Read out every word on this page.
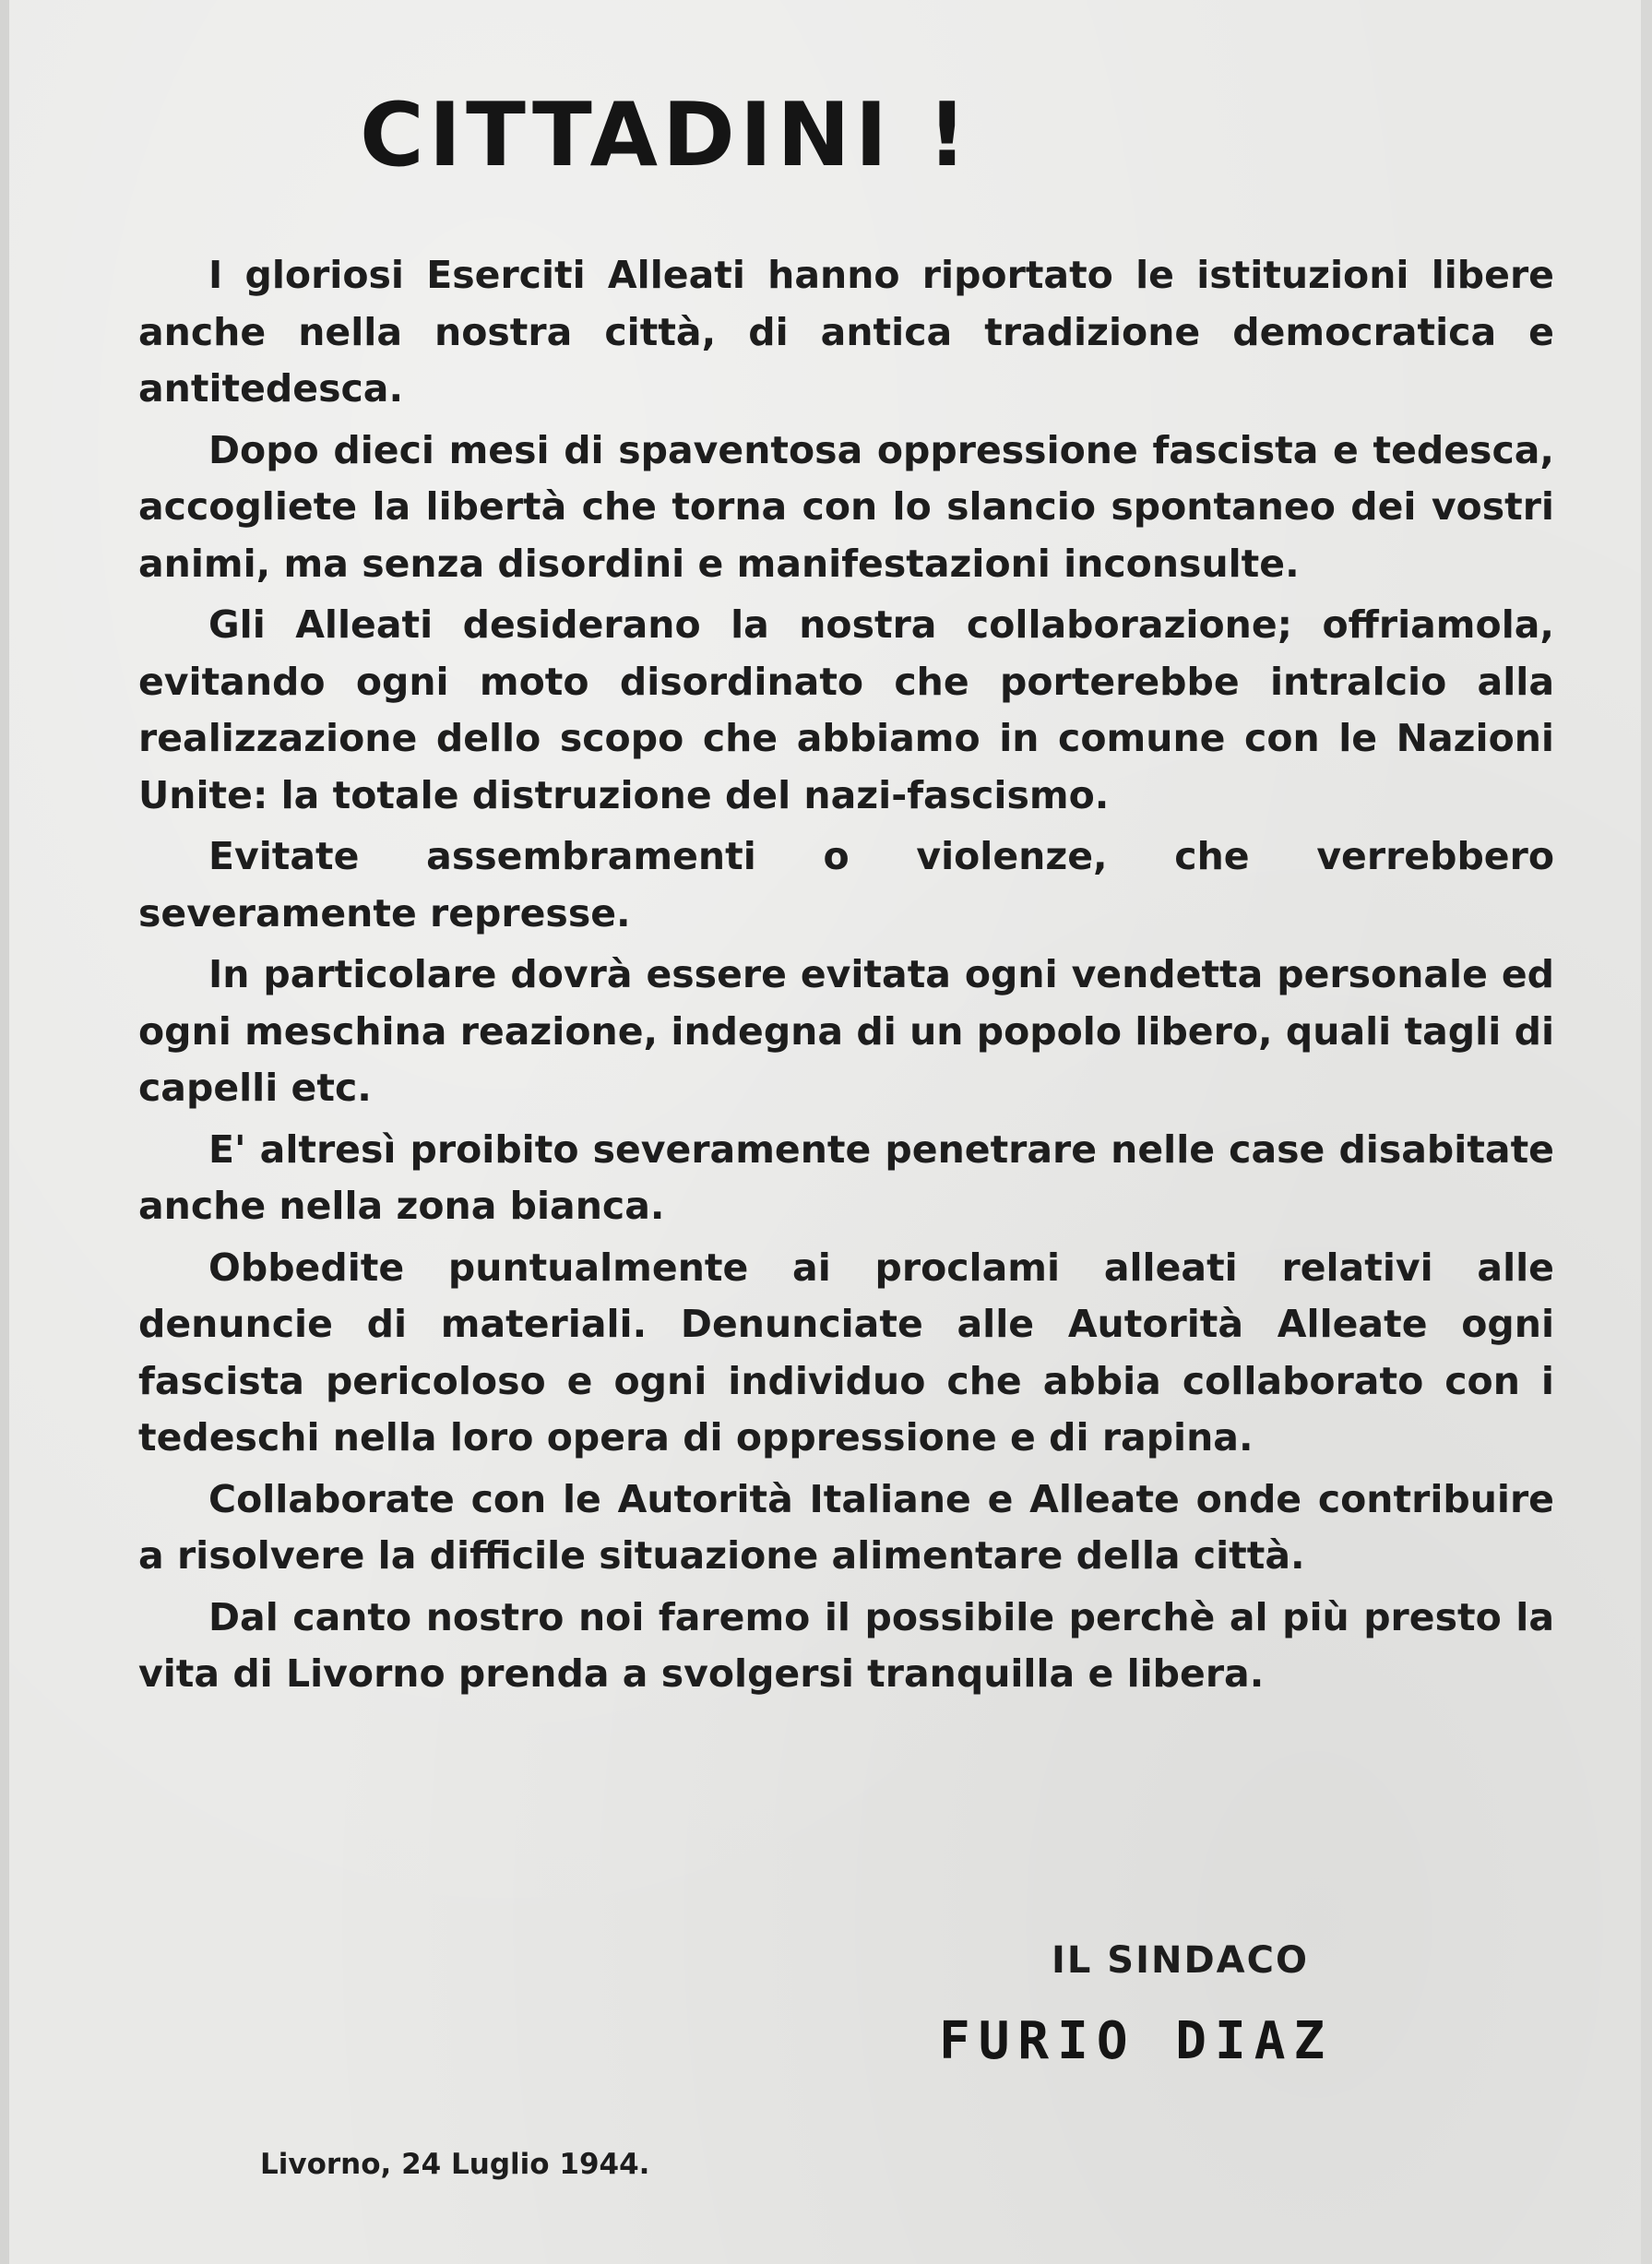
CITTADINI !

I gloriosi Eserciti Alleati hanno riportato le istituzioni libere anche nella nostra città, di antica tradizione democratica e antitedesca.

Dopo dieci mesi di spaventosa oppressione fascista e tedesca, accogliete la libertà che torna con lo slancio spontaneo dei vostri animi, ma senza disordini e manifestazioni inconsulte.

Gli Alleati desiderano la nostra collaborazione; offriamola, evitando ogni moto disordinato che porterebbe intralcio alla realizzazione dello scopo che abbiamo in comune con le Nazioni Unite: la totale distruzione del nazi-fascismo.

Evitate assembramenti o violenze, che verrebbero severamente represse.

In particolare dovrà essere evitata ogni vendetta personale ed ogni meschina reazione, indegna di un popolo libero, quali tagli di capelli etc.

E' altresì proibito severamente penetrare nelle case disabitate anche nella zona bianca.

Obbedite puntualmente ai proclami alleati relativi alle denuncie di materiali. Denunciate alle Autorità Alleate ogni fascista pericoloso e ogni individuo che abbia collaborato con i tedeschi nella loro opera di oppressione e di rapina.

Collaborate con le Autorità Italiane e Alleate onde contribuire a risolvere la difficile situazione alimentare della città.

Dal canto nostro noi faremo il possibile perchè al più presto la vita di Livorno prenda a svolgersi tranquilla e libera.

IL SINDACO

FURIO DIAZ

Livorno, 24 Luglio 1944.
